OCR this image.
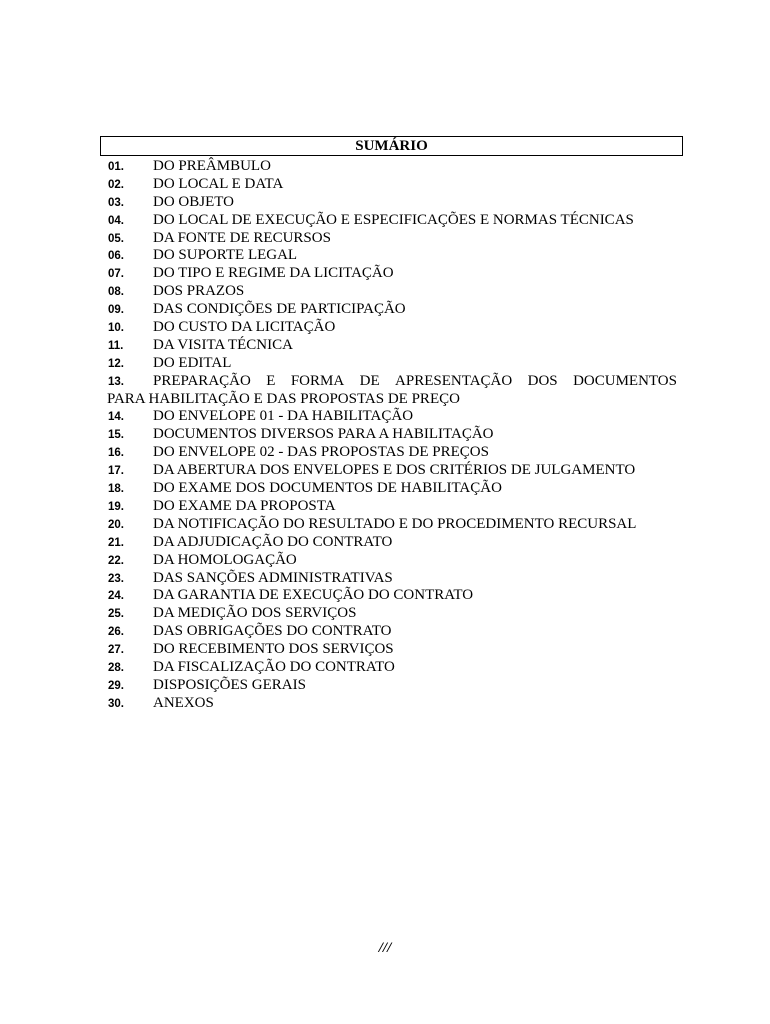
SUMÁRIO
01. DO PREÂMBULO
02. DO LOCAL E DATA
03. DO OBJETO
04. DO LOCAL DE EXECUÇÃO E ESPECIFICAÇÕES E NORMAS TÉCNICAS
05. DA FONTE DE RECURSOS
06. DO SUPORTE LEGAL
07. DO TIPO E REGIME DA LICITAÇÃO
08. DOS PRAZOS
09. DAS CONDIÇÕES DE PARTICIPAÇÃO
10. DO CUSTO DA LICITAÇÃO
11. DA VISITA TÉCNICA
12. DO EDITAL
13. PREPARAÇÃO E FORMA DE APRESENTAÇÃO DOS DOCUMENTOS
PARA HABILITAÇÃO E DAS PROPOSTAS DE PREÇO
14. DO ENVELOPE 01 - DA HABILITAÇÃO
15. DOCUMENTOS DIVERSOS PARA A HABILITAÇÃO
16. DO ENVELOPE 02 - DAS PROPOSTAS DE PREÇOS
17. DA ABERTURA DOS ENVELOPES E DOS CRITÉRIOS DE JULGAMENTO
18. DO EXAME DOS DOCUMENTOS DE HABILITAÇÃO
19. DO EXAME DA PROPOSTA
20. DA NOTIFICAÇÃO DO RESULTADO E DO PROCEDIMENTO RECURSAL
21. DA ADJUDICAÇÃO DO CONTRATO
22. DA HOMOLOGAÇÃO
23. DAS SANÇÕES ADMINISTRATIVAS
24. DA GARANTIA DE EXECUÇÃO DO CONTRATO
25. DA MEDIÇÃO DOS SERVIÇOS
26. DAS OBRIGAÇÕES DO CONTRATO
27. DO RECEBIMENTO DOS SERVIÇOS
28. DA FISCALIZAÇÃO DO CONTRATO
29. DISPOSIÇÕES GERAIS
30. ANEXOS
///
